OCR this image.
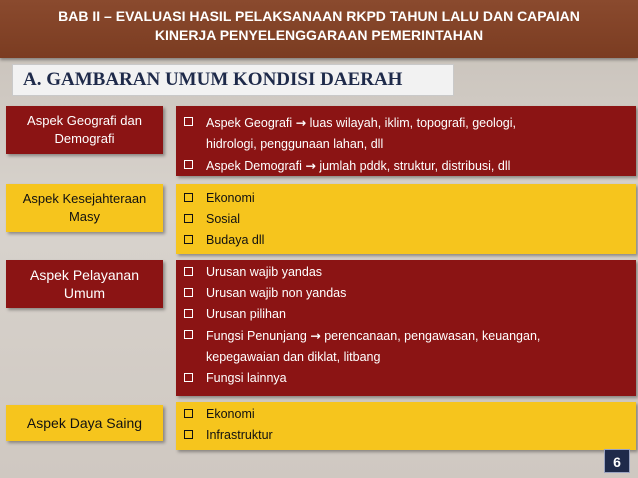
BAB II – EVALUASI HASIL PELAKSANAAN RKPD TAHUN LALU DAN CAPAIAN
KINERJA PENYELENGGARAAN PEMERINTAHAN
A. GAMBARAN UMUM KONDISI DAERAH
Aspek Geografi dan
Demografi
Aspek Geografi → luas wilayah, iklim, topografi, geologi,
hidrologi, penggunaan lahan, dll
Aspek Demografi → jumlah pddk, struktur, distribusi, dll
Aspek Kesejahteraan
Masy
Ekonomi
Sosial
Budaya dll
Aspek Pelayanan
Umum
Urusan wajib yandas
Urusan wajib non yandas
Urusan pilihan
Fungsi Penunjang → perencanaan, pengawasan, keuangan,
kepegawaian dan diklat, litbang
Fungsi lainnya
Aspek Daya Saing
Ekonomi
Infrastruktur
6
